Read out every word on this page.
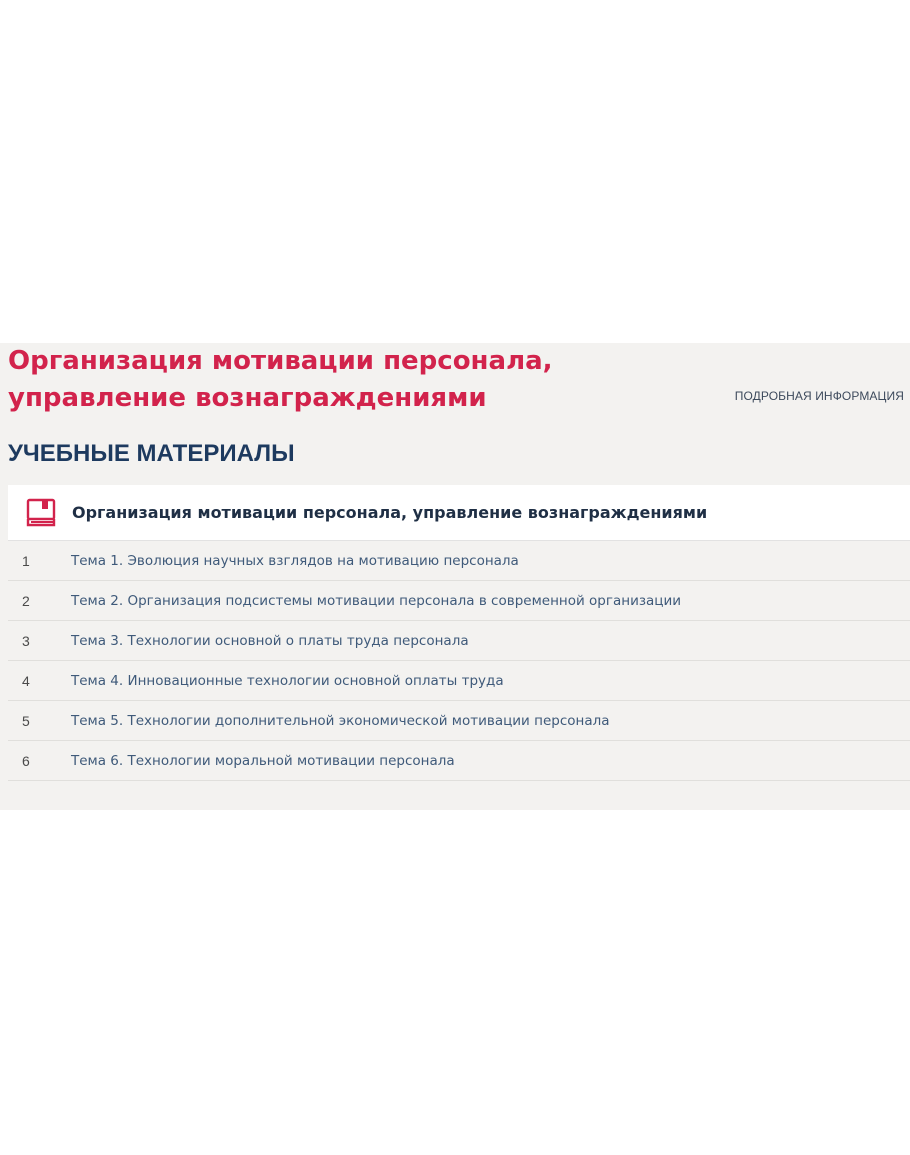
Организация мотивации персонала, управление вознаграждениями	ПОДРОБНАЯ ИНФОРМАЦИЯ
УЧЕБНЫЕ МАТЕРИАЛЫ
Организация мотивации персонала, управление вознаграждениями
1	Тема 1. Эволюция научных взглядов на мотивацию персонала
2	Тема 2. Организация подсистемы мотивации персонала в современной организации
3	Тема 3. Технологии основной о платы труда персонала
4	Тема 4. Инновационные технологии основной оплаты труда
5	Тема 5. Технологии дополнительной экономической мотивации персонала
6	Тема 6. Технологии моральной мотивации персонала
